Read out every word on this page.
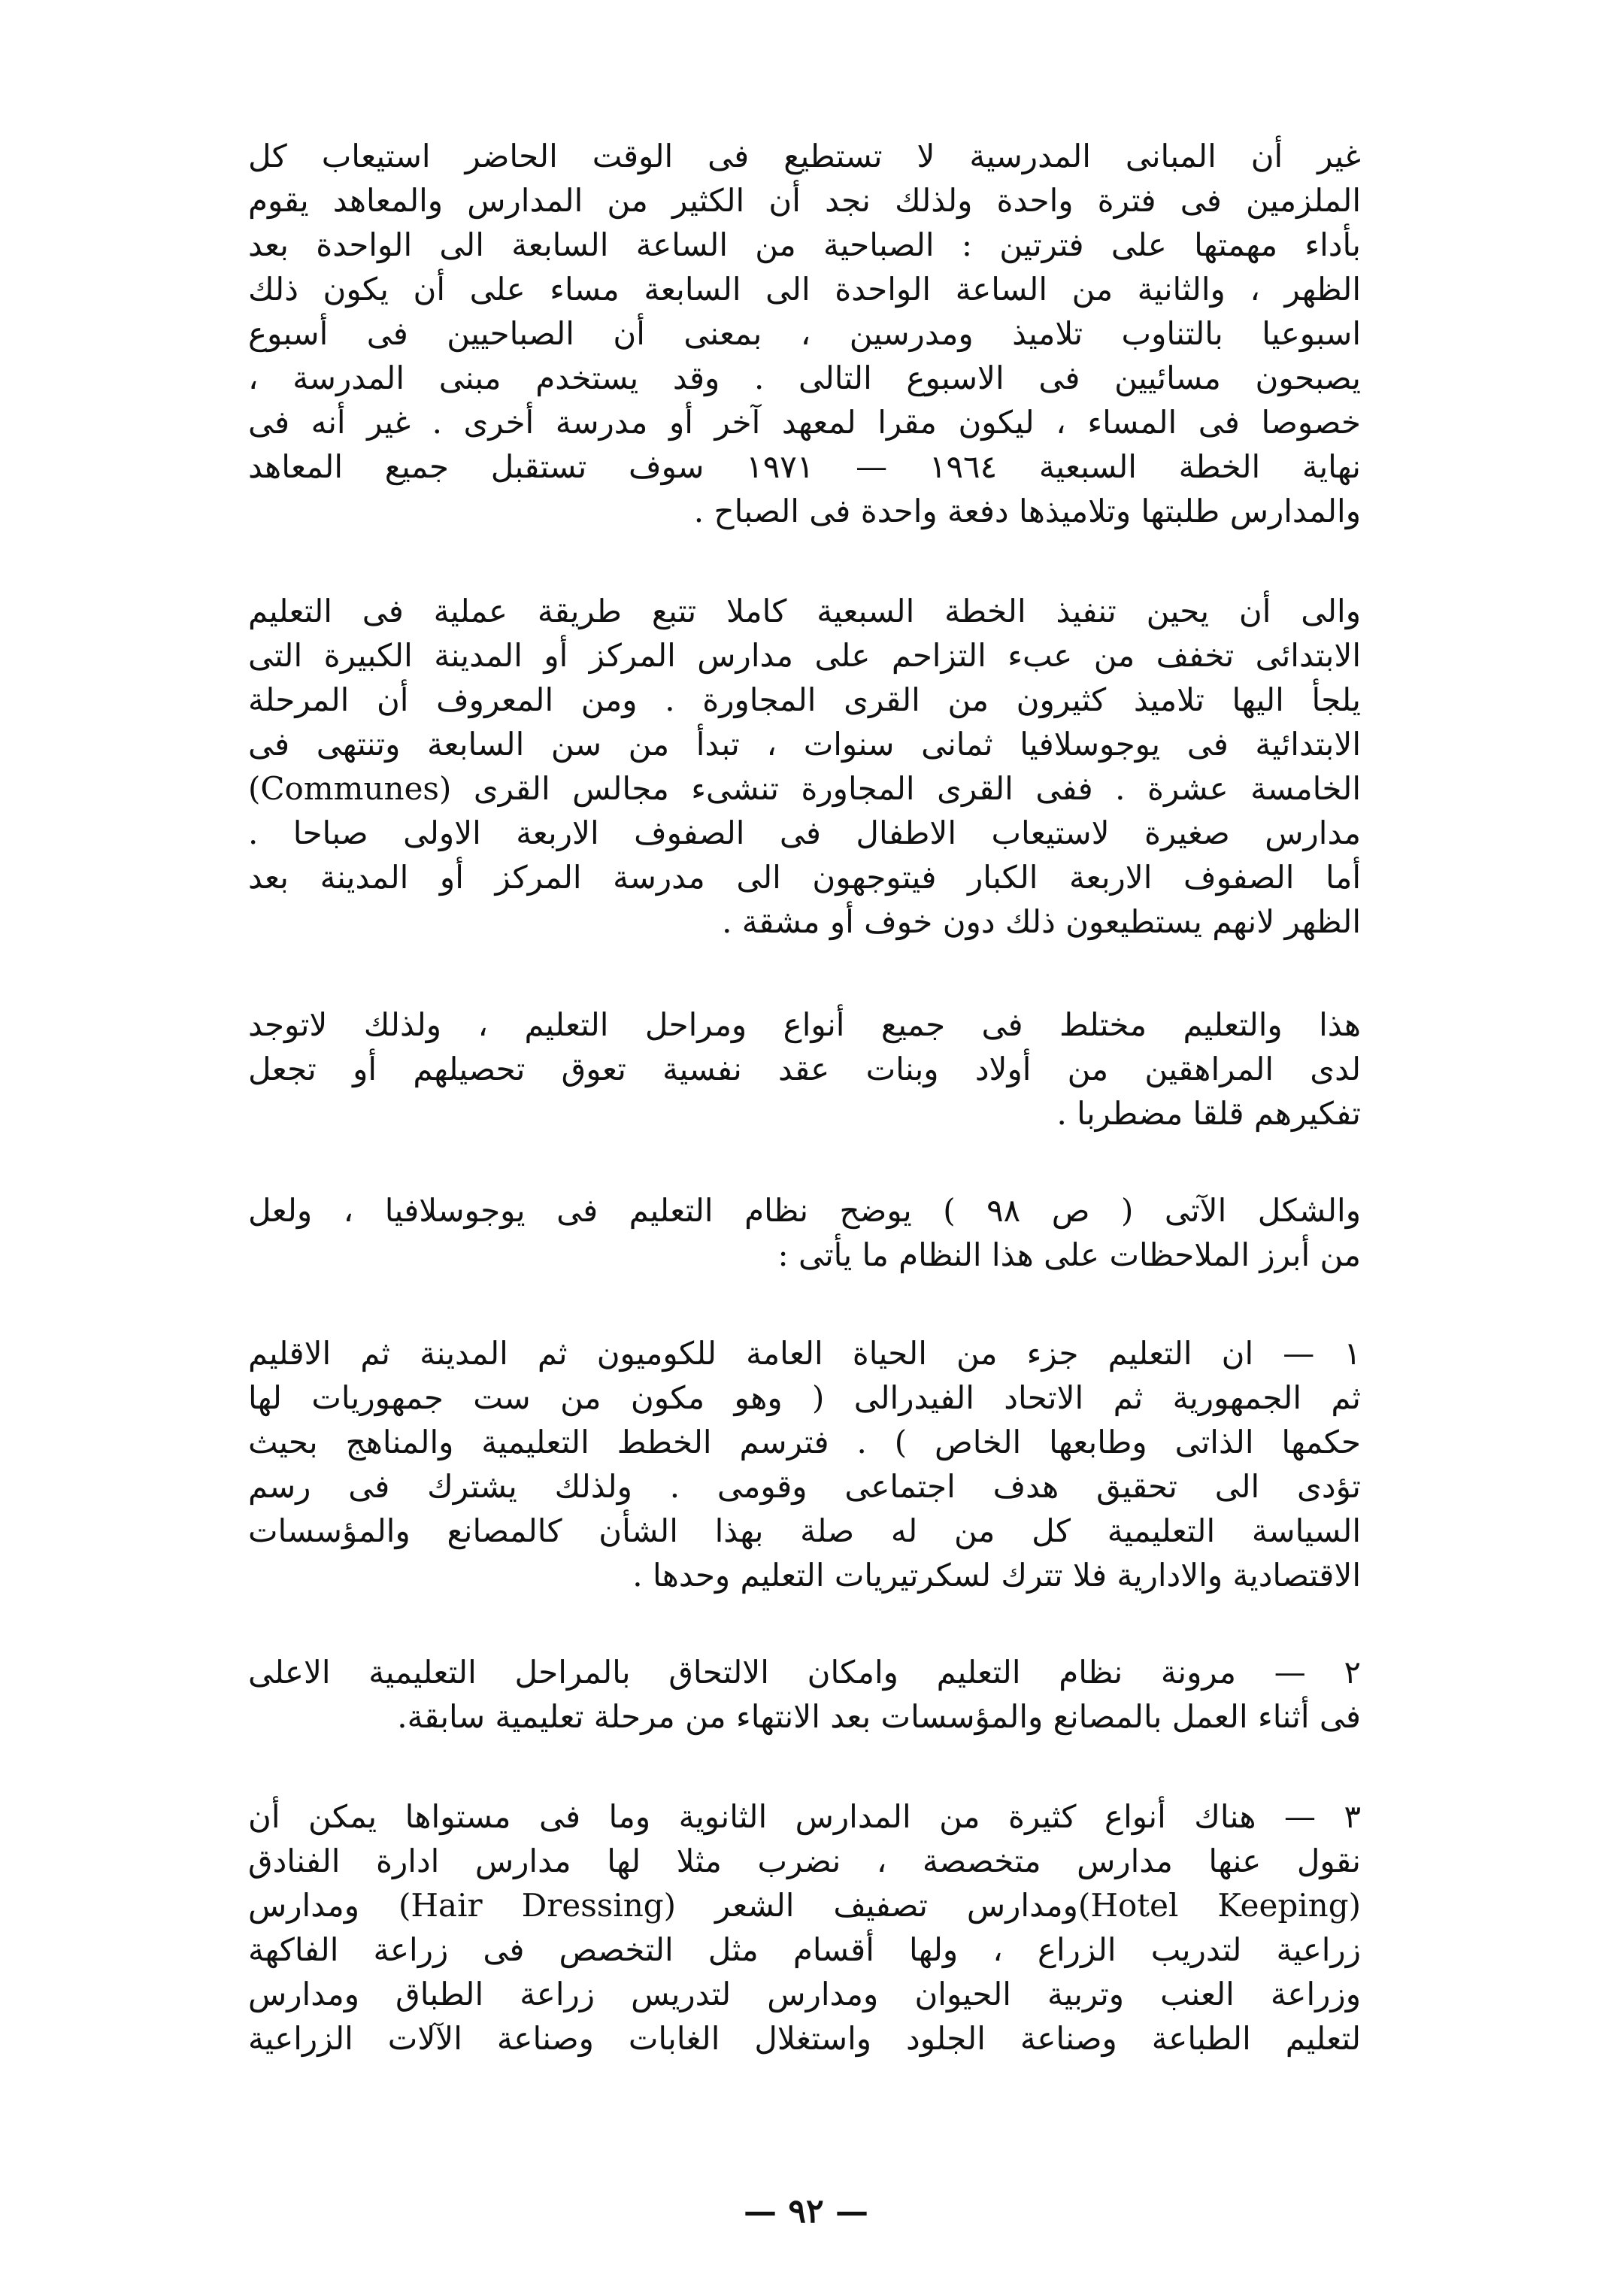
غير أن المبانى المدرسية لا تستطيع فى الوقت الحاضر استيعاب كل
الملزمين فى فترة واحدة ولذلك نجد أن الكثير من المدارس والمعاهد يقوم
بأداء مهمتها على فترتين : الصباحية من الساعة السابعة الى الواحدة بعد
الظهر ، والثانية من الساعة الواحدة الى السابعة مساء على أن يكون ذلك
اسبوعيا بالتناوب تلاميذ ومدرسين ، بمعنى أن الصباحيين فى أسبوع
يصبحون مسائيين فى الاسبوع التالى . وقد يستخدم مبنى المدرسة ،
خصوصا فى المساء ، ليكون مقرا لمعهد آخر أو مدرسة أخرى . غير أنه فى
نهاية الخطة السبعية ١٩٦٤ — ١٩٧١ سوف تستقبل جميع المعاهد
والمدارس طلبتها وتلاميذها دفعة واحدة فى الصباح .

والى أن يحين تنفيذ الخطة السبعية كاملا تتبع طريقة عملية فى التعليم
الابتدائى تخفف من عبء التزاحم على مدارس المركز أو المدينة الكبيرة التى
يلجأ اليها تلاميذ كثيرون من القرى المجاورة . ومن المعروف أن المرحلة
الابتدائية فى يوجوسلافيا ثمانى سنوات ، تبدأ من سن السابعة وتنتهى فى
الخامسة عشرة . ففى القرى المجاورة تنشىء مجالس القرى (Communes)
مدارس صغيرة لاستيعاب الاطفال فى الصفوف الاربعة الاولى صباحا .
أما الصفوف الاربعة الكبار فيتوجهون الى مدرسة المركز أو المدينة بعد
الظهر لانهم يستطيعون ذلك دون خوف أو مشقة .

هذا والتعليم مختلط فى جميع أنواع ومراحل التعليم ، ولذلك لاتوجد
لدى المراهقين من أولاد وبنات عقد نفسية تعوق تحصيلهم أو تجعل
تفكيرهم قلقا مضطربا .

والشكل الآتى ( ص ٩٨ ) يوضح نظام التعليم فى يوجوسلافيا ، ولعل
من أبرز الملاحظات على هذا النظام ما يأتى :

١ — ان التعليم جزء من الحياة العامة للكوميون ثم المدينة ثم الاقليم
ثم الجمهورية ثم الاتحاد الفيدرالى ( وهو مكون من ست جمهوريات لها
حكمها الذاتى وطابعها الخاص ) . فترسم الخطط التعليمية والمناهج بحيث
تؤدى الى تحقيق هدف اجتماعى وقومى . ولذلك يشترك فى رسم
السياسة التعليمية كل من له صلة بهذا الشأن كالمصانع والمؤسسات
الاقتصادية والادارية فلا تترك لسكرتيريات التعليم وحدها .

٢ — مرونة نظام التعليم وامكان الالتحاق بالمراحل التعليمية الاعلى
فى أثناء العمل بالمصانع والمؤسسات بعد الانتهاء من مرحلة تعليمية سابقة.

٣ — هناك أنواع كثيرة من المدارس الثانوية وما فى مستواها يمكن أن
نقول عنها مدارس متخصصة ، نضرب مثلا لها مدارس ادارة الفنادق
(Hotel Keeping)ومدارس تصفيف الشعر (Hair Dressing) ومدارس
زراعية لتدريب الزراع ، ولها أقسام مثل التخصص فى زراعة الفاكهة
وزراعة العنب وتربية الحيوان ومدارس لتدريس زراعة الطباق ومدارس
لتعليم الطباعة وصناعة الجلود واستغلال الغابات وصناعة الآلات الزراعية

— ٩٢ —
